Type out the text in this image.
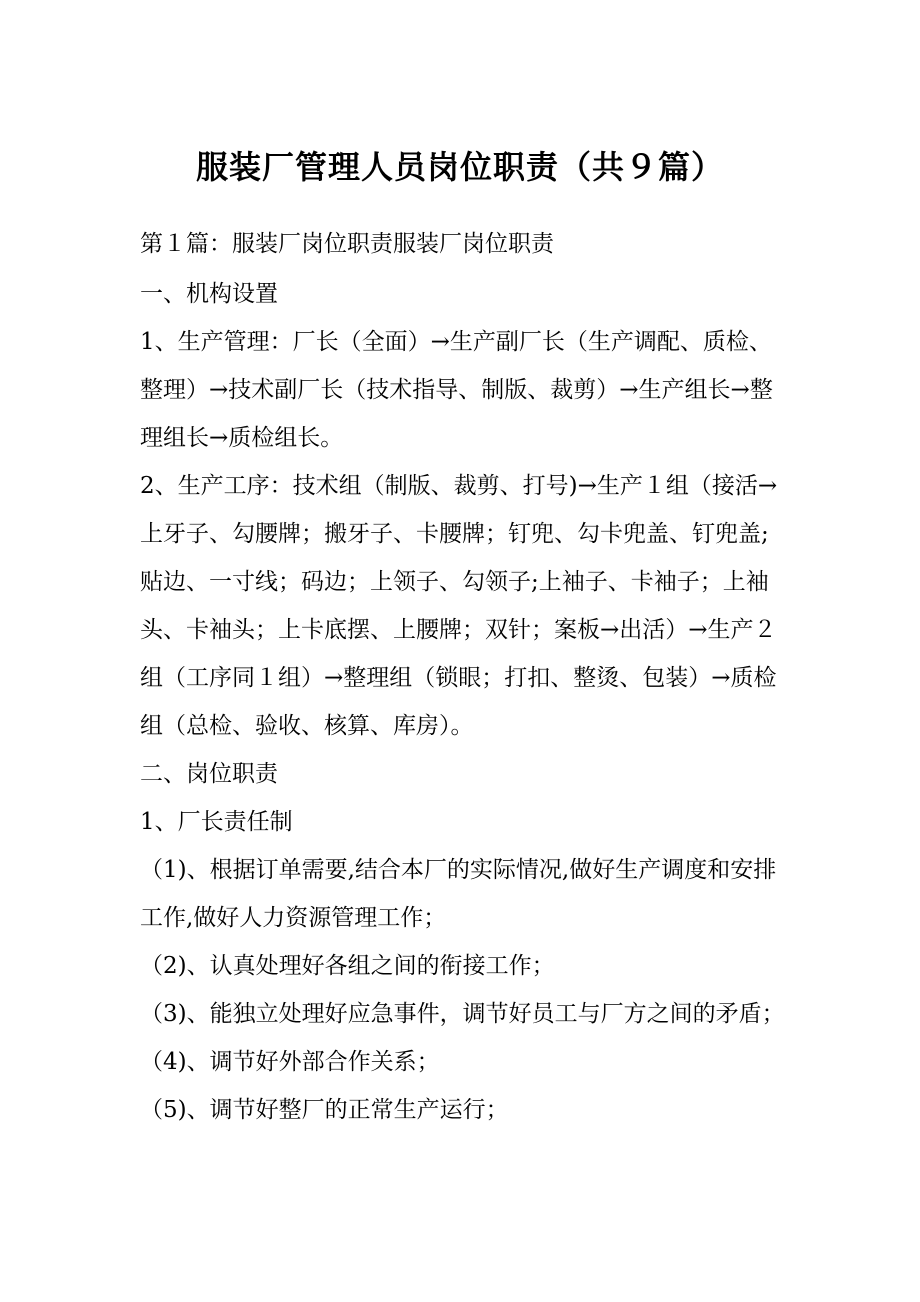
服装厂管理人员岗位职责（共９篇）

第１篇：服装厂岗位职责服装厂岗位职责

一、机构设置

1、生产管理：厂长（全面）→生产副厂长（生产调配、质检、整理）→技术副厂长（技术指导、制版、裁剪）→生产组长→整理组长→质检组长。

2、生产工序：技术组（制版、裁剪、打号)→生产１组（接活→上牙子、勾腰牌；搬牙子、卡腰牌；钉兜、勾卡兜盖、钉兜盖;贴边、一寸线；码边；上领子、勾领子;上袖子、卡袖子；上袖头、卡袖头；上卡底摆、上腰牌；双针；案板→出活）→生产２组（工序同１组）→整理组（锁眼；打扣、整烫、包装）→质检组（总检、验收、核算、库房）。

二、岗位职责

1、厂长责任制

（1)、根据订单需要,结合本厂的实际情况,做好生产调度和安排工作,做好人力资源管理工作；

（2)、认真处理好各组之间的衔接工作；

（3)、能独立处理好应急事件，调节好员工与厂方之间的矛盾；

（4)、调节好外部合作关系；

（5)、调节好整厂的正常生产运行；
